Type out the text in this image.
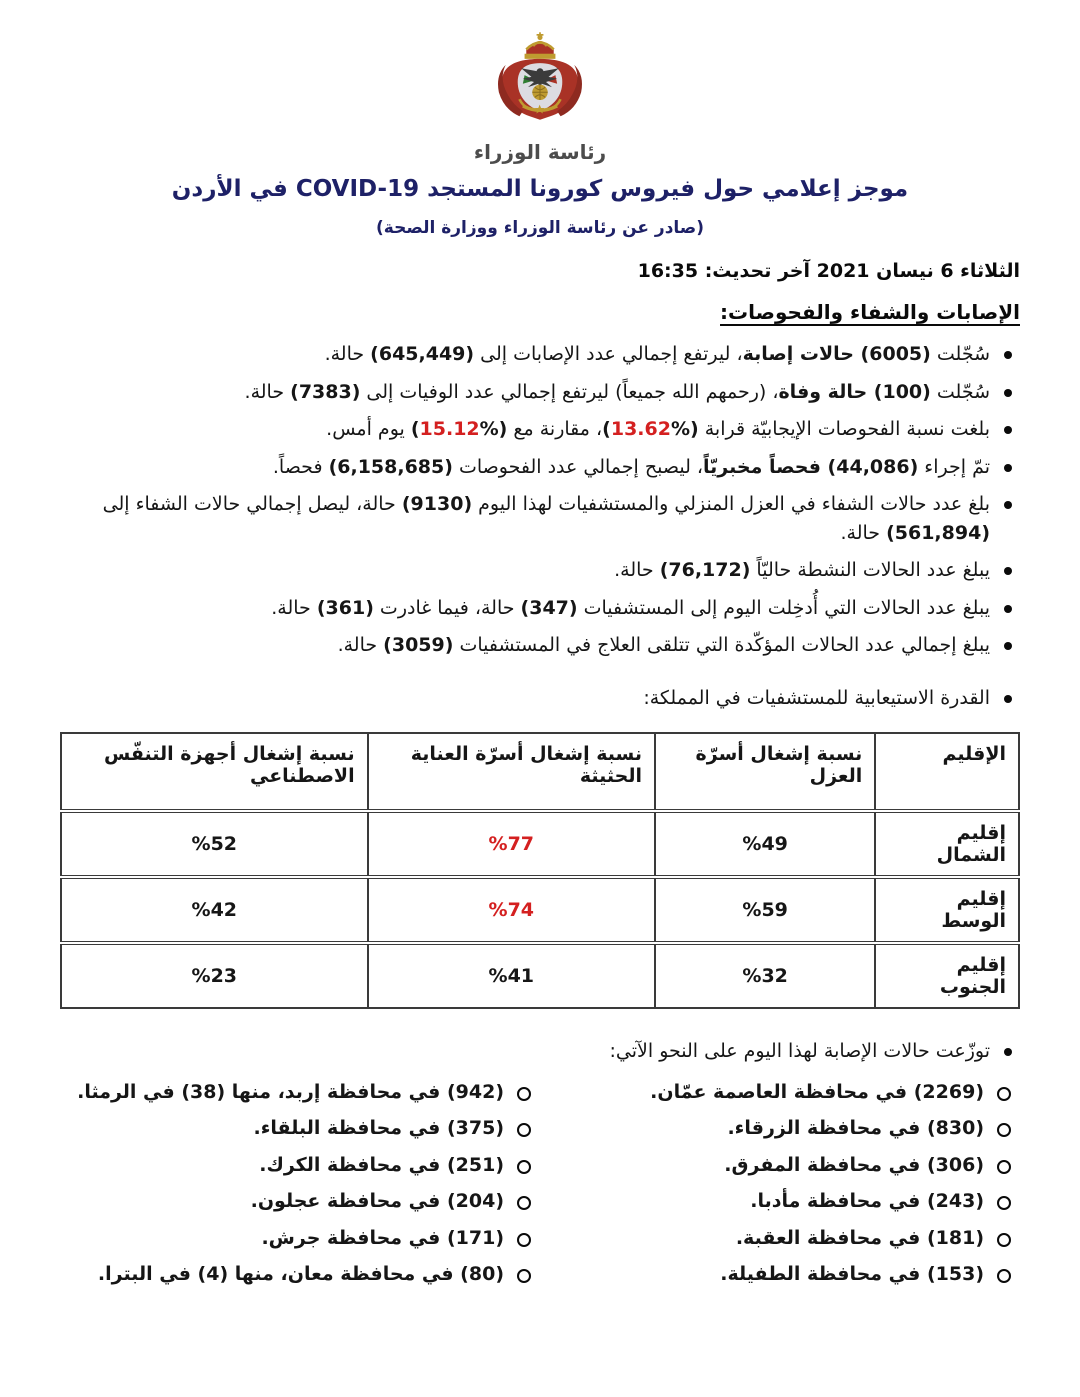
رئاسة الوزراء
موجز إعلامي حول فيروس كورونا المستجد COVID-19 في الأردن
(صادر عن رئاسة الوزراء ووزارة الصحة)
الثلاثاء 6 نيسان 2021 آخر تحديث: 16:35
الإصابات والشفاء والفحوصات:
سُجّلت (6005) حالات إصابة، ليرتفع إجمالي عدد الإصابات إلى (645,449) حالة.
سُجّلت (100) حالة وفاة، (رحمهم الله جميعاً) ليرتفع إجمالي عدد الوفيات إلى (7383) حالة.
بلغت نسبة الفحوصات الإيجابيّة قرابة (%13.62)، مقارنة مع (%15.12) يوم أمس.
تمّ إجراء (44,086) فحصاً مخبريّاً، ليصبح إجمالي عدد الفحوصات (6,158,685) فحصاً.
بلغ عدد حالات الشفاء في العزل المنزلي والمستشفيات لهذا اليوم (9130) حالة، ليصل إجمالي حالات الشفاء إلى (561,894) حالة.
يبلغ عدد الحالات النشطة حاليّاً (76,172) حالة.
يبلغ عدد الحالات التي أُدخِلت اليوم إلى المستشفيات (347) حالة، فيما غادرت (361) حالة.
يبلغ إجمالي عدد الحالات المؤكّدة التي تتلقى العلاج في المستشفيات (3059) حالة.
القدرة الاستيعابية للمستشفيات في المملكة:
الإقليم	نسبة إشغال أسرّة العزل	نسبة إشغال أسرّة العناية الحثيثة	نسبة إشغال أجهزة التنفّس الاصطناعي
إقليم الشمال	%49	%77	%52
إقليم الوسط	%59	%74	%42
إقليم الجنوب	%32	%41	%23
توزّعت حالات الإصابة لهذا اليوم على النحو الآتي:
(2269) في محافظة العاصمة عمّان.
(830) في محافظة الزرقاء.
(306) في محافظة المفرق.
(243) في محافظة مأدبا.
(181) في محافظة العقبة.
(153) في محافظة الطفيلة.
(942) في محافظة إربد، منها (38) في الرمثا.
(375) في محافظة البلقاء.
(251) في محافظة الكرك.
(204) في محافظة عجلون.
(171) في محافظة جرش.
(80) في محافظة معان، منها (4) في البترا.
